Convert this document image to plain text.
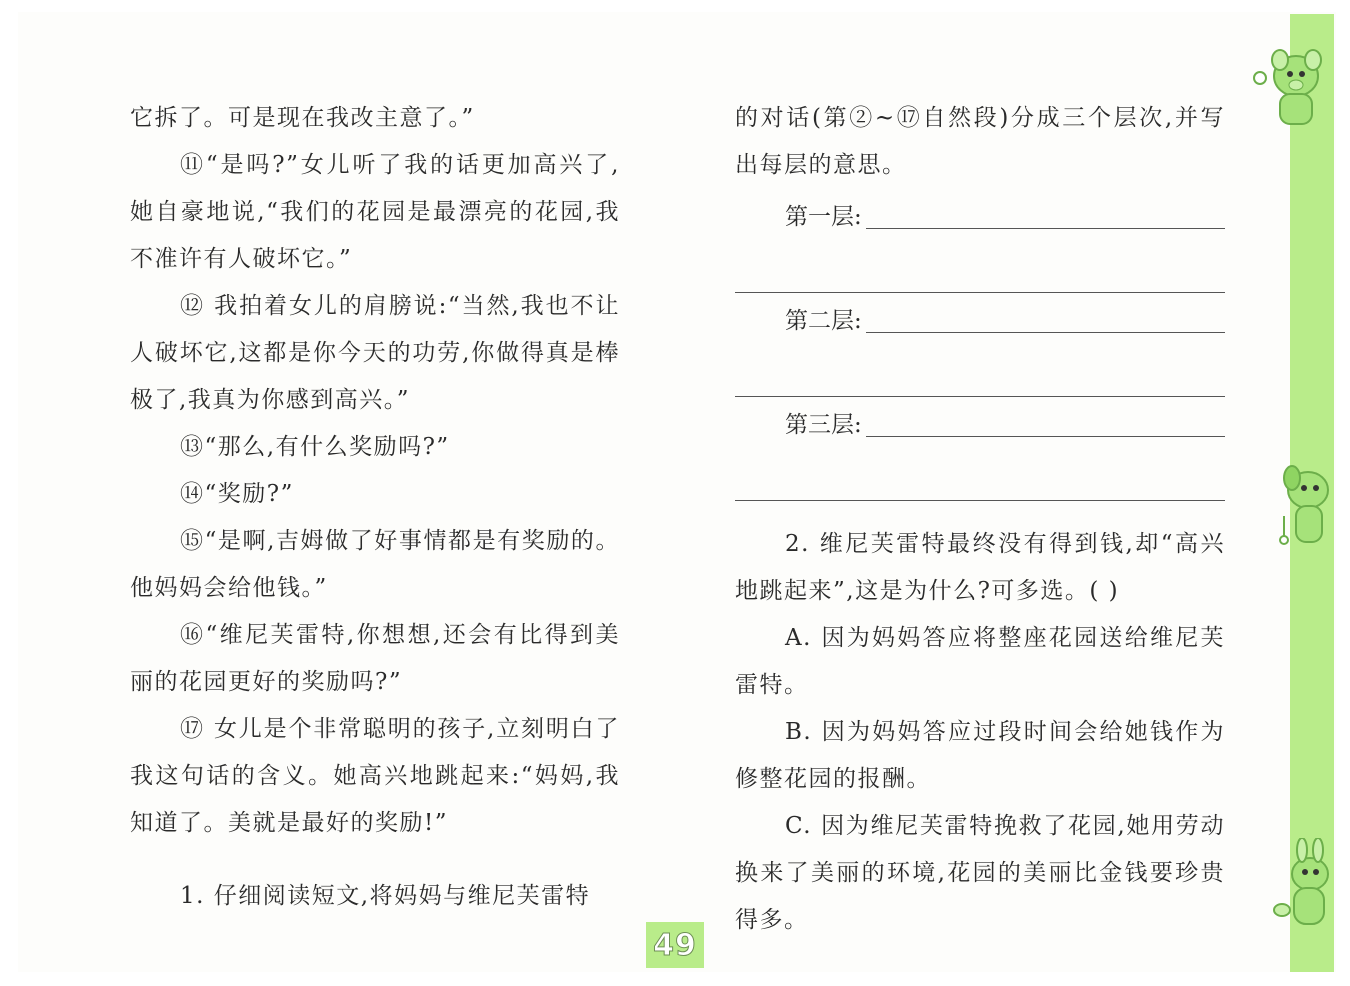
它拆了。可是现在我改主意了。”

⑪“是吗?”女儿听了我的话更加高兴了,她自豪地说,“我们的花园是最漂亮的花园,我不准许有人破坏它。”

⑫ 我拍着女儿的肩膀说:“当然,我也不让人破坏它,这都是你今天的功劳,你做得真是棒极了,我真为你感到高兴。”

⑬“那么,有什么奖励吗?”

⑭“奖励?”

⑮“是啊,吉姆做了好事情都是有奖励的。他妈妈会给他钱。”

⑯“维尼芙雷特,你想想,还会有比得到美丽的花园更好的奖励吗?”

⑰ 女儿是个非常聪明的孩子,立刻明白了我这句话的含义。她高兴地跳起来:“妈妈,我知道了。美就是最好的奖励!”

1. 仔细阅读短文,将妈妈与维尼芙雷特

的对话(第②~⑰自然段)分成三个层次,并写出每层的意思。

第一层:
第二层:
第三层:

2. 维尼芙雷特最终没有得到钱,却“高兴地跳起来”,这是为什么?可多选。( )

A. 因为妈妈答应将整座花园送给维尼芙雷特。

B. 因为妈妈答应过段时间会给她钱作为修整花园的报酬。

C. 因为维尼芙雷特挽救了花园,她用劳动换来了美丽的环境,花园的美丽比金钱要珍贵得多。

49
